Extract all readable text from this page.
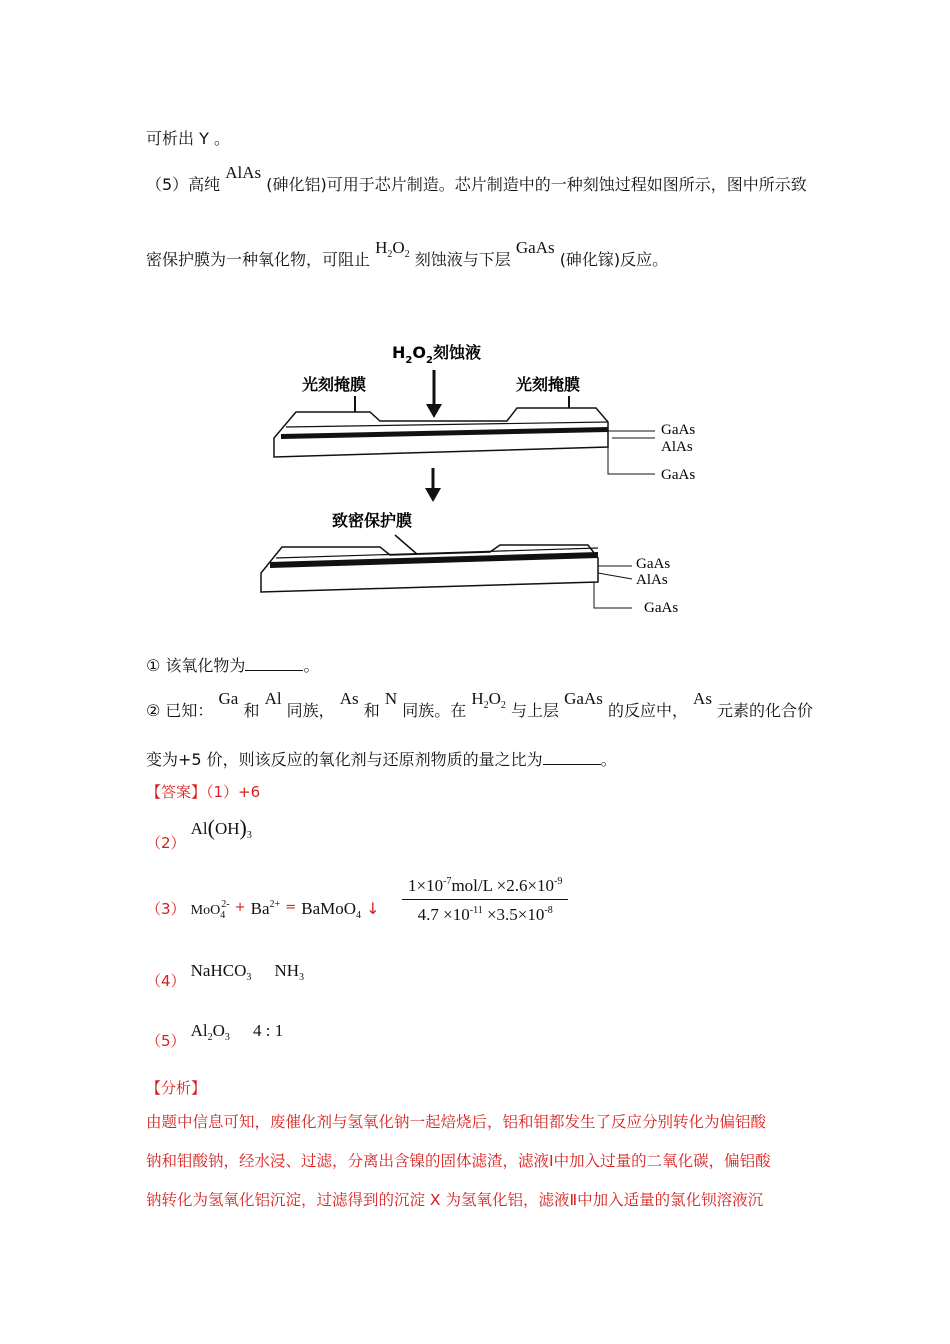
可析出 Y 。
（5）高纯 AlAs (砷化铝)可用于芯片制造。芯片制造中的一种刻蚀过程如图所示，图中所示致
密保护膜为一种氧化物，可阻止 $H_2O_2$ 刻蚀液与下层 GaAs (砷化镓)反应。
$H_2O_2$刻蚀液
光刻掩膜	光刻掩膜
GaAs
AlAs
GaAs
致密保护膜
GaAs
AlAs
GaAs
① 该氧化物为	。
② 已知： Ga 和 Al 同族， As 和 N 同族。在 $H_2O_2$ 与上层 GaAs 的反应中， As 元素的化合价
变为+5 价，则该反应的氧化剂与还原剂物质的量之比为	。
【答案】（1）+6
（2） $Al(OH)_3$
（3） $MoO_4^{2-} + Ba^{2+}$ = BaMoO$_4$ ↓
$1\times 10^{-7}mol/L \times 2.6\times 10^{-9}$
$4.7 \times 10^{-11} \times 3.5\times 10^{-8}$
（4） NaHCO$_3$ $NH_3$
（5） $Al_2O_3$ 4 : 1
【分析】
由题中信息可知，废催化剂与氢氧化钠一起焙烧后，铝和钼都发生了反应分别转化为偏铝酸
钠和钼酸钠，经水浸、过滤，分离出含镍的固体滤渣，滤液Ⅰ中加入过量的二氧化碳，偏铝酸
钠转化为氢氧化铝沉淀，过滤得到的沉淀 X 为氢氧化铝，滤液Ⅱ中加入适量的氯化钡溶液沉
